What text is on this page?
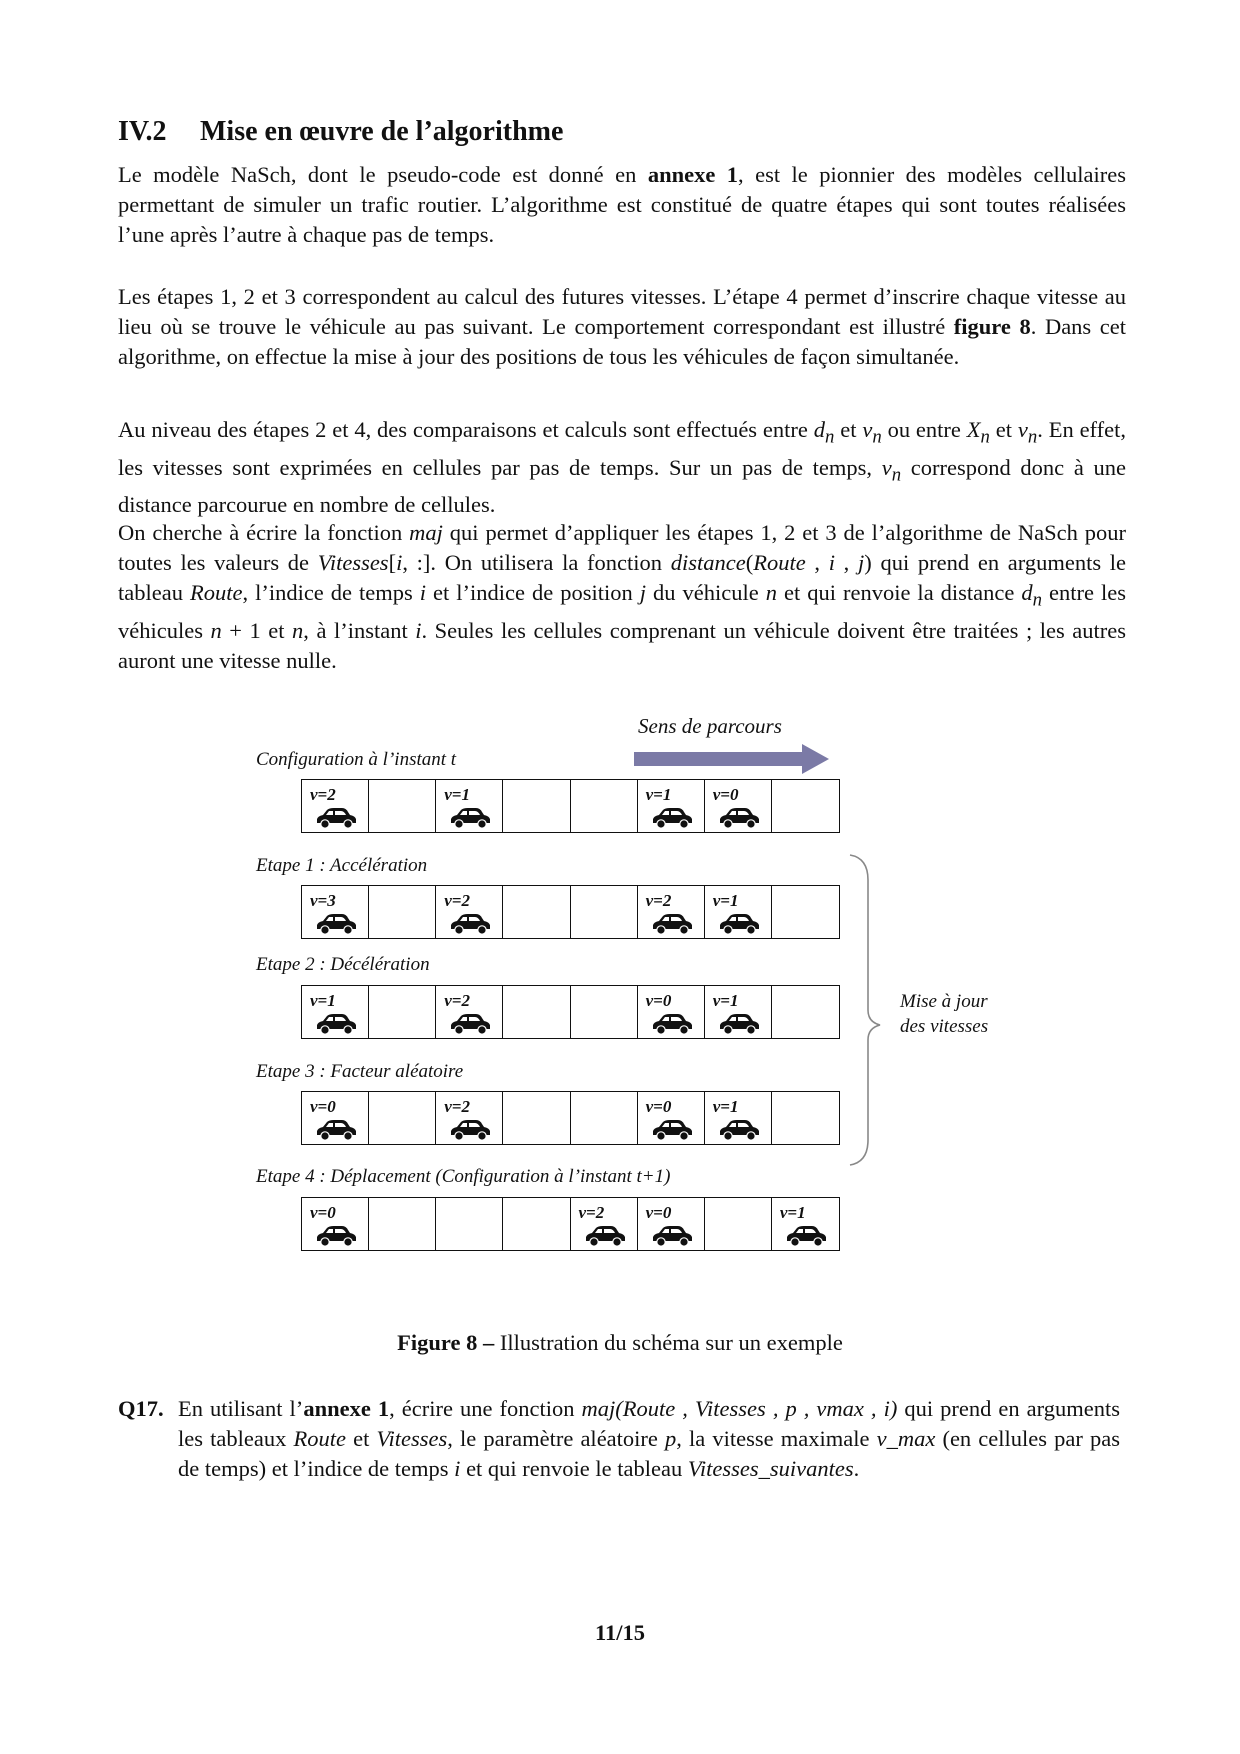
IV.2 Mise en œuvre de l’algorithme

Le modèle NaSch, dont le pseudo-code est donné en annexe 1, est le pionnier des modèles cellulaires permettant de simuler un trafic routier. L’algorithme est constitué de quatre étapes qui sont toutes réalisées l’une après l’autre à chaque pas de temps.

Les étapes 1, 2 et 3 correspondent au calcul des futures vitesses. L’étape 4 permet d’inscrire chaque vitesse au lieu où se trouve le véhicule au pas suivant. Le comportement correspondant est illustré figure 8. Dans cet algorithme, on effectue la mise à jour des positions de tous les véhicules de façon simultanée.

Au niveau des étapes 2 et 4, des comparaisons et calculs sont effectués entre $d_n$ et $v_n$ ou entre $X_n$ et $v_n$. En effet, les vitesses sont exprimées en cellules par pas de temps. Sur un pas de temps, $v_n$ correspond donc à une distance parcourue en nombre de cellules.

On cherche à écrire la fonction maj qui permet d’appliquer les étapes 1, 2 et 3 de l’algorithme de NaSch pour toutes les valeurs de Vitesses[i, :]. On utilisera la fonction distance(Route , i , j) qui prend en arguments le tableau Route, l’indice de temps i et l’indice de position j du véhicule n et qui renvoie la distance $d_n$ entre les véhicules n + 1 et n, à l’instant i. Seules les cellules comprenant un véhicule doivent être traitées ; les autres auront une vitesse nulle.

Sens de parcours
Configuration à l’instant t
v=2	v=1	v=1 v=0
Etape 1 : Accélération
v=3	v=2	v=2 v=1
Etape 2 : Décélération
v=1	v=2	v=0 v=1
Etape 3 : Facteur aléatoire
v=0	v=2	v=0 v=1
Etape 4 : Déplacement (Configuration à l’instant t+1)
v=0	v=2 v=0	v=1
Mise à jour
des vitesses
Figure 8 – Illustration du schéma sur un exemple
Q17. En utilisant l’annexe 1, écrire une fonction maj(Route , Vitesses , p , vmax , i) qui prend en arguments les tableaux Route et Vitesses, le paramètre aléatoire p, la vitesse maximale v_max (en cellules par pas de temps) et l’indice de temps i et qui renvoie le tableau Vitesses_suivantes.
11/15
